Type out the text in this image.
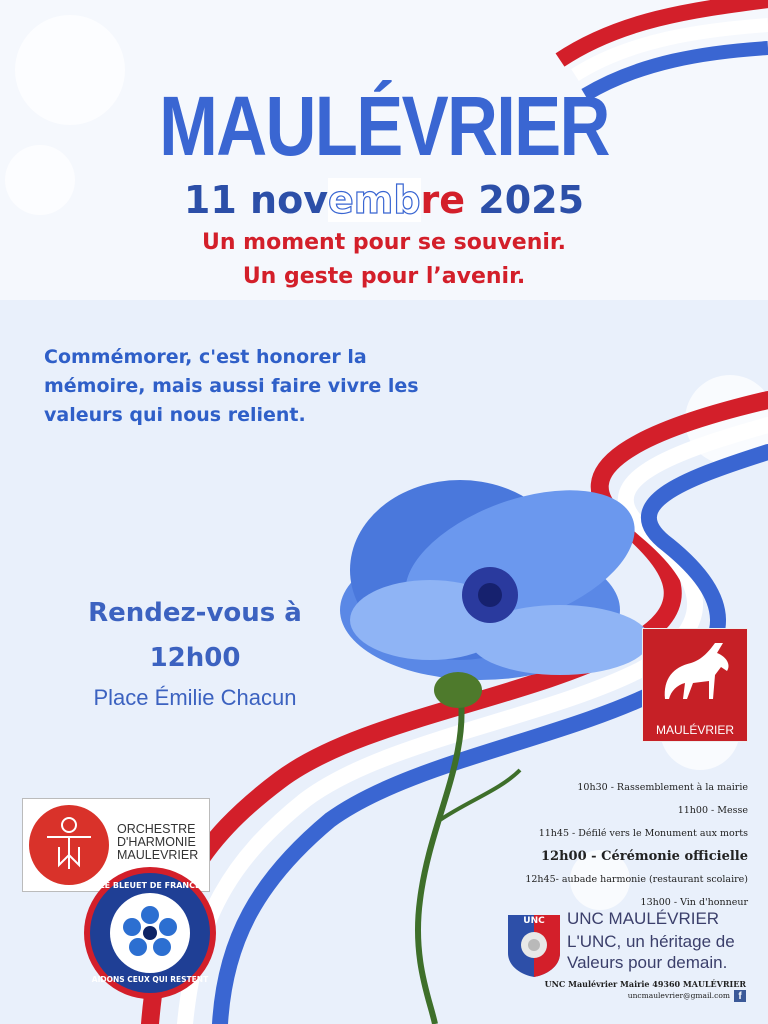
MAULÉVRIER
11 novembre 2025
Un moment pour se souvenir.
Un geste pour l’avenir.
Commémorer, c'est honorer la
mémoire, mais aussi faire vivre les
valeurs qui nous relient.
Rendez-vous à
12h00
Place Émilie Chacun
MAULÉVRIER
10h30 - Rassemblement à la mairie
11h00 - Messe
11h45 - Défilé vers le Monument aux morts
12h00 - Cérémonie officielle
12h45- aubade harmonie (restaurant scolaire)
13h00 - Vin d'honneur
ORCHESTRE
D'HARMONIE
MAULEVRIER
LE BLEUET DE FRANCE
AIDONS CEUX QUI RESTENT
UNC	UNC MAULÉVRIER
L'UNC, un héritage de
Valeurs pour demain.
UNC Maulévrier Mairie 49360 MAULÉVRIER
uncmaulevrier@gmail.com f
